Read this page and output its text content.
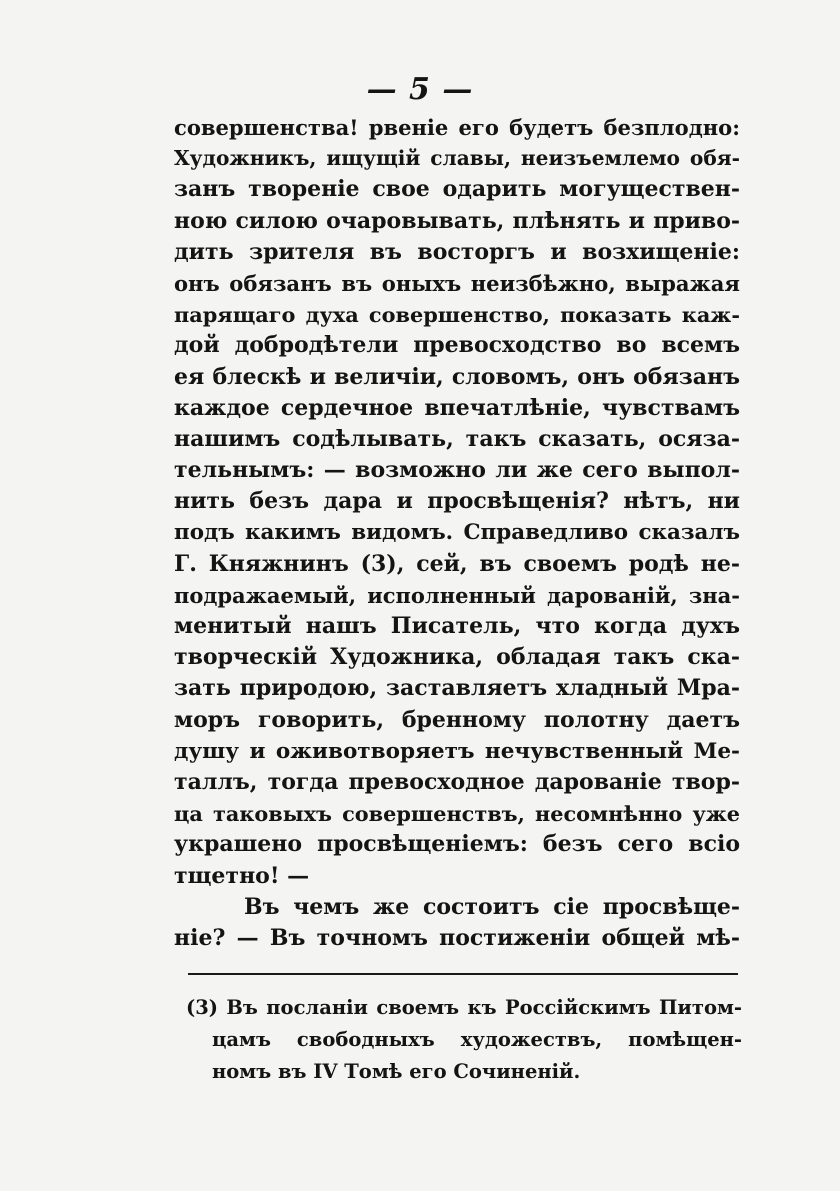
— 5 —
совершенства! рвеніе его будетъ безплодно:
Художникъ, ищущій славы, неизъемлемо обя-
занъ твореніе свое одарить могуществен-
ною силою очаровывать, плѣнять и приво-
дить зрителя въ восторгъ и возхищеніе:
онъ обязанъ въ оныхъ неизбѣжно, выражая
парящаго духа совершенство, показать каж-
дой добродѣтели превосходство во всемъ
ея блескѣ и величіи, словомъ, онъ обязанъ
каждое сердечное впечатлѣніе, чувствамъ
нашимъ содѣлывать, такъ сказать, осяза-
тельнымъ: — возможно ли же сего выпол-
нить безъ дара и просвѣщенія? нѣтъ, ни
подъ какимъ видомъ. Справедливо сказалъ
Г. Княжнинъ (3), сей, въ своемъ родѣ не-
подражаемый, исполненный дарованій, зна-
менитый нашъ Писатель, что когда духъ
творческій Художника, обладая такъ ска-
зать природою, заставляетъ хладный Мра-
моръ говорить, бренному полотну даетъ
душу и оживотворяетъ нечувственный Ме-
таллъ, тогда превосходное дарованіе твор-
ца таковыхъ совершенствъ, несомнѣнно уже
украшено просвѣщеніемъ: безъ сего всіо
тщетно! —
Въ чемъ же состоитъ сіе просвѣще-
ніе? — Въ точномъ постиженіи общей мѣ-
(3) Въ посланіи своемъ къ Россійскимъ Питом-
цамъ свободныхъ художествъ, помѣщен-
номъ въ IV Томѣ его Сочиненій.
